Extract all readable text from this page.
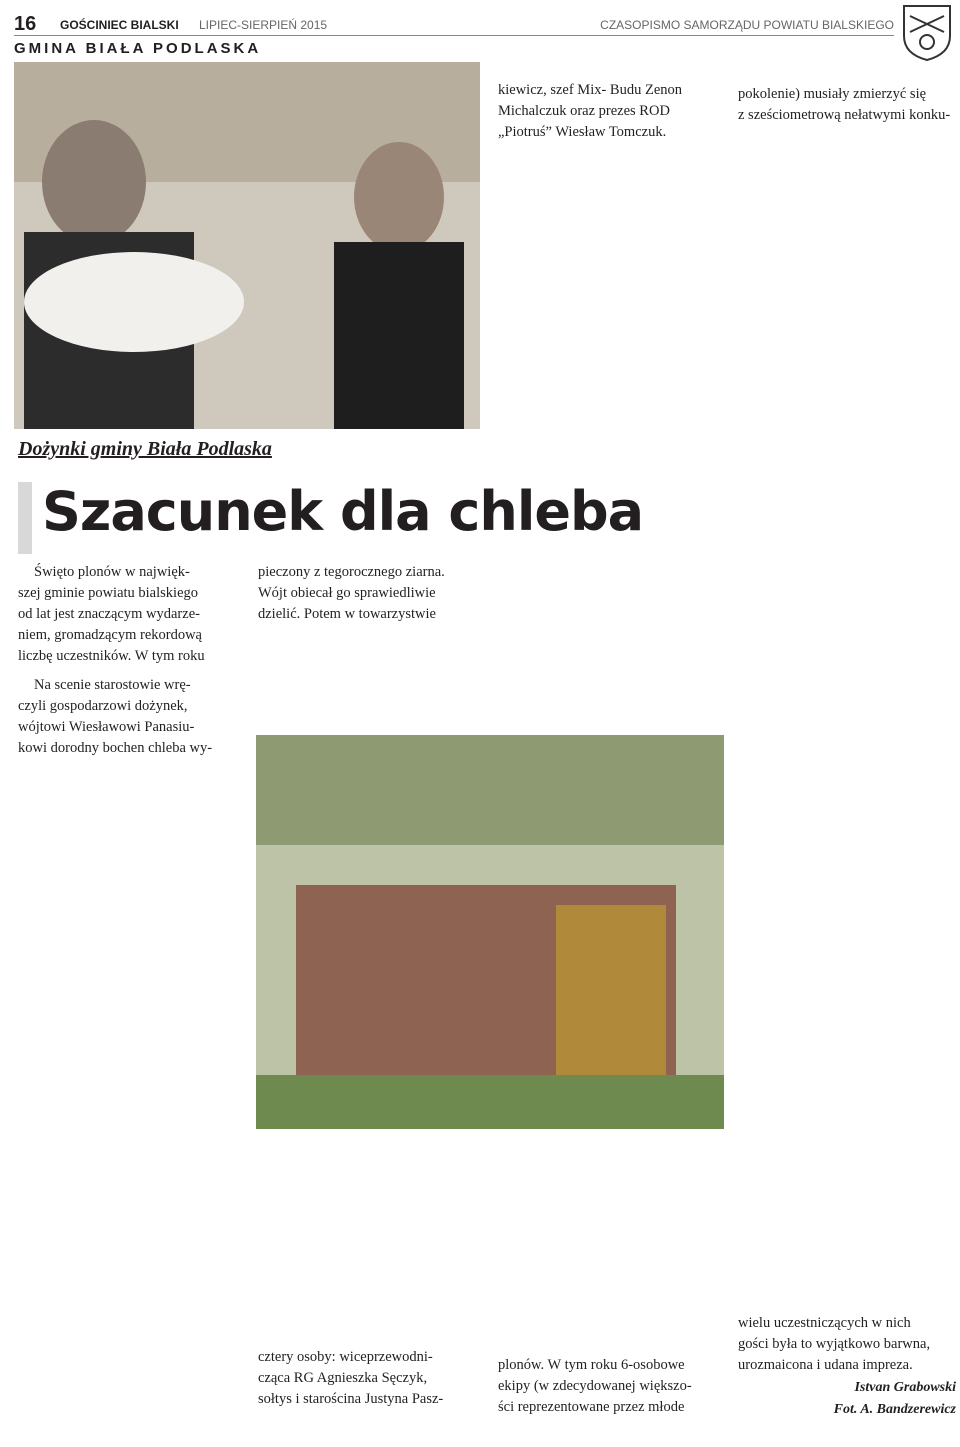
16 GOŚCINIEC BIALSKI LIPIEC-SIERPIEŃ 2015	CZASOPISMO SAMORZĄDU POWIATU BIALSKIEGO
GMINA BIAŁA PODLASKA
Dożynki gminy Biała Podlaska
Szacunek dla chleba

Święto plonów w najwięk-

szej gminie powiatu bialskiego

od lat jest znaczącym wydarze-

niem, gromadzącym rekordową

liczbę uczestników. W tym roku

Na scenie starostowie wrę-

czyli gospodarzowi dożynek,

wójtowi Wiesławowi Panasiu-

kowi dorodny bochen chleba wy-

pieczony z tegorocznego ziarna.

Wójt obiecał go sprawiedliwie

dzielić. Potem w towarzystwie

cztery osoby: wiceprzewodni-

cząca RG Agnieszka Sęczyk,

sołtys i starościna Justyna Pasz-

kiewicz, szef Mix- Budu Zenon

Michalczuk oraz prezes ROD

„Piotruś” Wiesław Tomczuk.

plonów. W tym roku 6-osobowe

ekipy (w zdecydowanej większo-

ści reprezentowane przez młode

pokolenie) musiały zmierzyć się

z sześciometrową nełatwymi konku-

wielu uczestniczących w nich

gości była to wyjątkowo barwna,

urozmaicona i udana impreza.

Istvan Grabowski
Fot. A. Bandzerewicz
